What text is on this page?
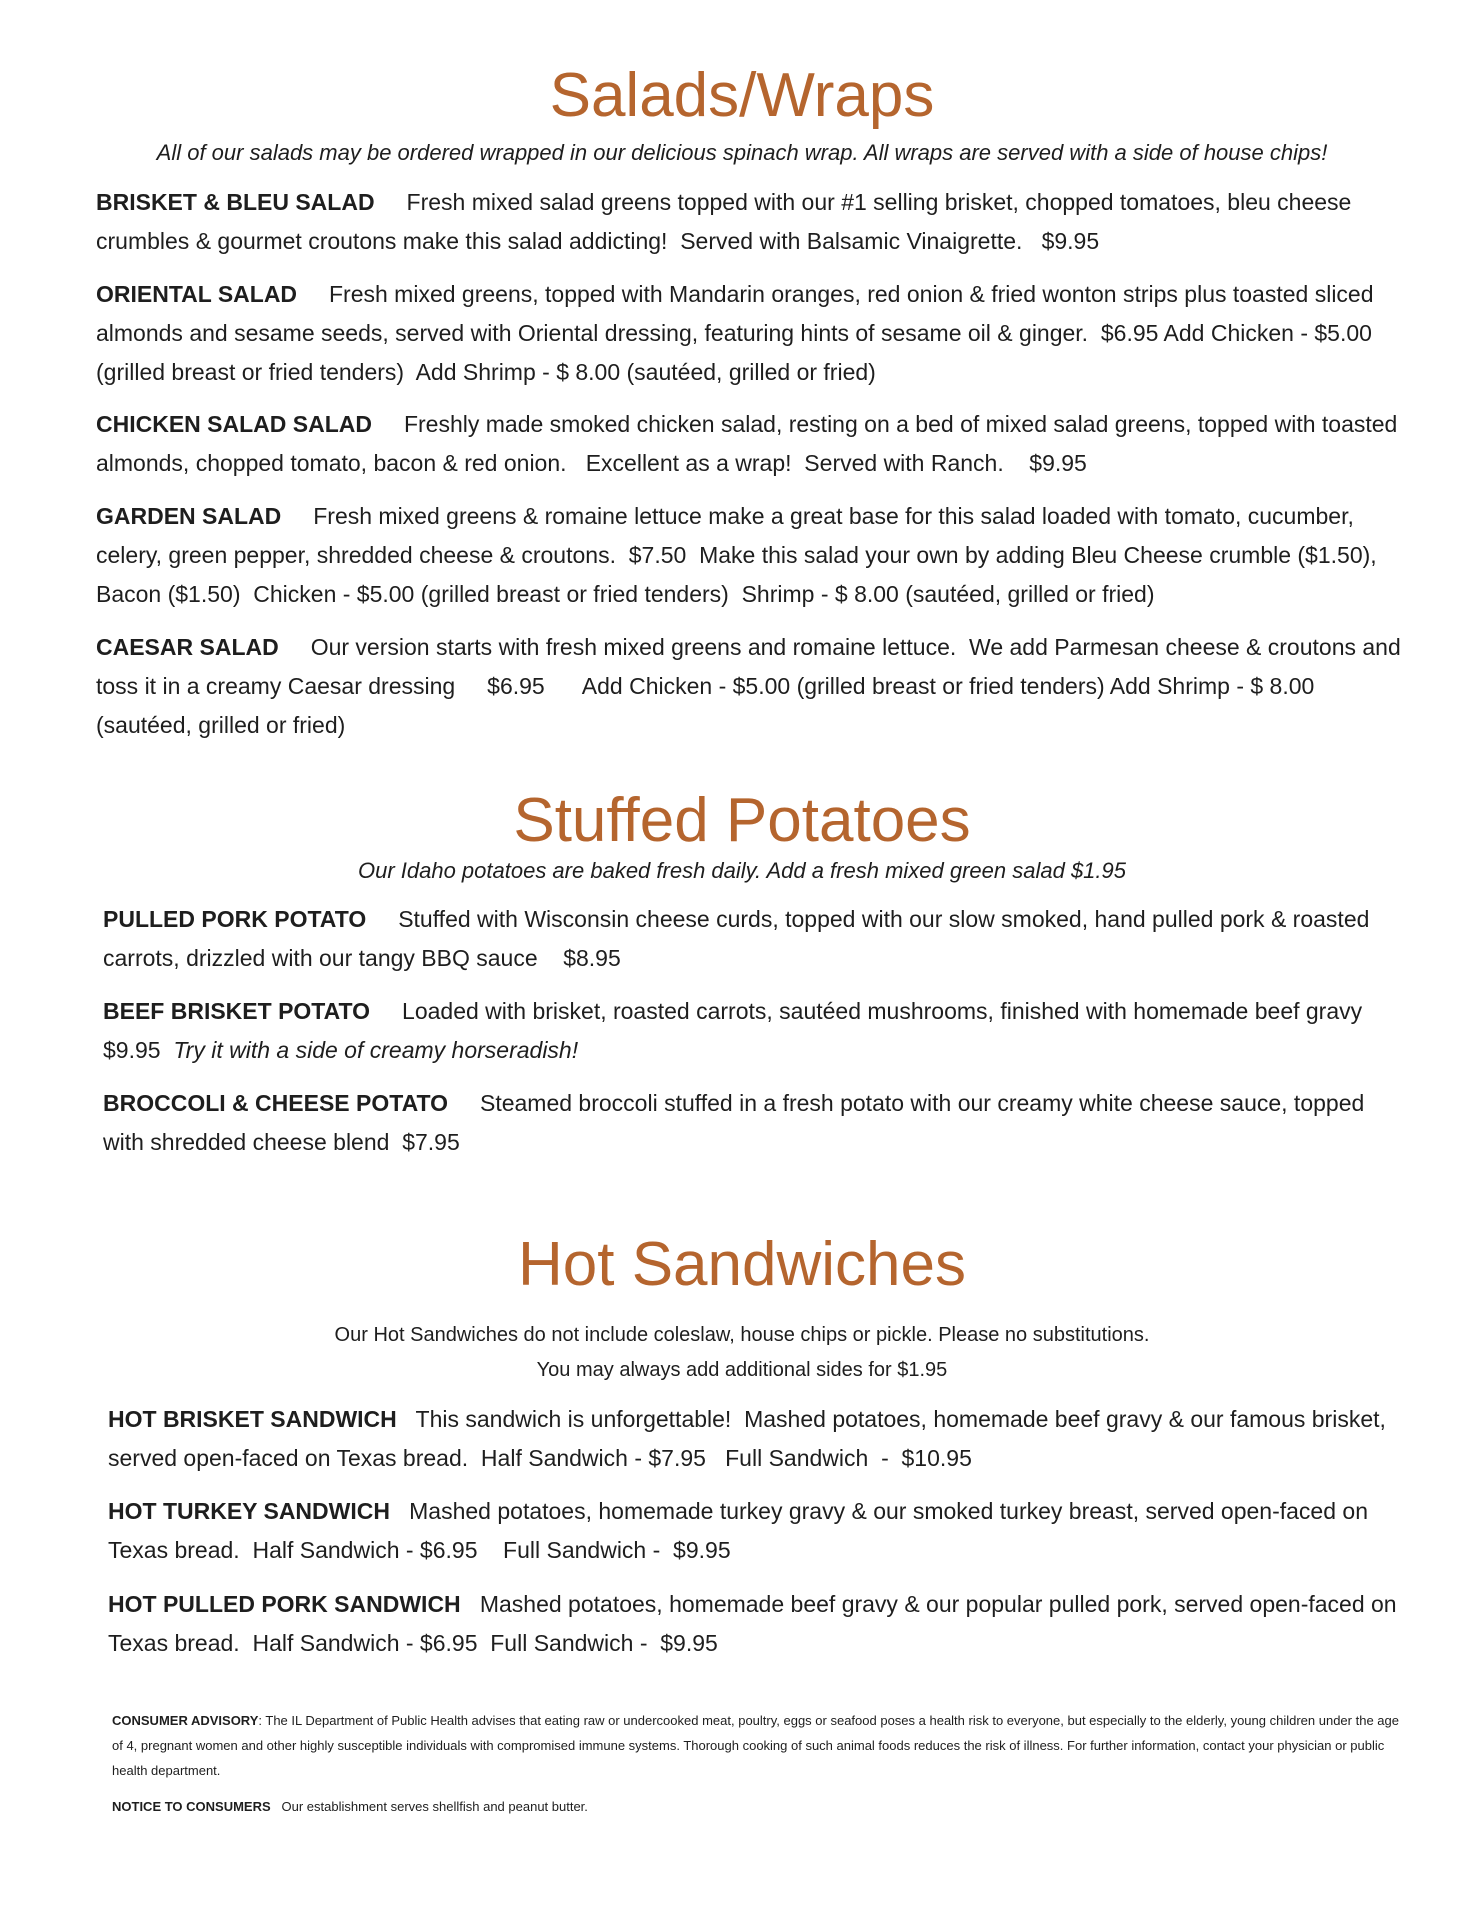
Salads/Wraps

All of our salads may be ordered wrapped in our delicious spinach wrap. All wraps are served with a side of house chips!

BRISKET & BLEU SALAD Fresh mixed salad greens topped with our #1 selling brisket, chopped tomatoes, bleu cheese crumbles & gourmet croutons make this salad addicting!  Served with Balsamic Vinaigrette.   $9.95

ORIENTAL SALAD Fresh mixed greens, topped with Mandarin oranges, red onion & fried wonton strips plus toasted sliced almonds and sesame seeds, served with Oriental dressing, featuring hints of sesame oil & ginger.  $6.95 Add Chicken - $5.00 (grilled breast or fried tenders)  Add Shrimp - $ 8.00 (sautéed, grilled or fried)

CHICKEN SALAD SALAD Freshly made smoked chicken salad, resting on a bed of mixed salad greens, topped with toasted almonds, chopped tomato, bacon & red onion.   Excellent as a wrap!  Served with Ranch.    $9.95

GARDEN SALAD Fresh mixed greens & romaine lettuce make a great base for this salad loaded with tomato, cucumber, celery, green pepper, shredded cheese & croutons.  $7.50  Make this salad your own by adding Bleu Cheese crumble ($1.50), Bacon ($1.50)  Chicken - $5.00 (grilled breast or fried tenders)  Shrimp - $ 8.00 (sautéed, grilled or fried)

CAESAR SALAD Our version starts with fresh mixed greens and romaine lettuce.  We add Parmesan cheese & croutons and toss it in a creamy Caesar dressing     $6.95      Add Chicken - $5.00 (grilled breast or fried tenders) Add Shrimp - $ 8.00 (sautéed, grilled or fried)

Stuffed Potatoes

Our Idaho potatoes are baked fresh daily. Add a fresh mixed green salad $1.95

PULLED PORK POTATO Stuffed with Wisconsin cheese curds, topped with our slow smoked, hand pulled pork & roasted carrots, drizzled with our tangy BBQ sauce    $8.95

BEEF BRISKET POTATO Loaded with brisket, roasted carrots, sautéed mushrooms, finished with homemade beef gravy   $9.95 Try it with a side of creamy horseradish!

BROCCOLI & CHEESE POTATO Steamed broccoli stuffed in a fresh potato with our creamy white cheese sauce, topped with shredded cheese blend  $7.95

Hot Sandwiches

Our Hot Sandwiches do not include coleslaw, house chips or pickle. Please no substitutions.

You may always add additional sides for $1.95

HOT BRISKET SANDWICH This sandwich is unforgettable!  Mashed potatoes, homemade beef gravy & our famous brisket, served open-faced on Texas bread.  Half Sandwich - $7.95   Full Sandwich  -  $10.95

HOT TURKEY SANDWICH Mashed potatoes, homemade turkey gravy & our smoked turkey breast, served open-faced on Texas bread.  Half Sandwich - $6.95    Full Sandwich -  $9.95

HOT PULLED PORK SANDWICH Mashed potatoes, homemade beef gravy & our popular pulled pork, served open-faced on Texas bread.  Half Sandwich - $6.95  Full Sandwich -  $9.95

CONSUMER ADVISORY: The IL Department of Public Health advises that eating raw or undercooked meat, poultry, eggs or seafood poses a health risk to everyone, but especially to the elderly, young children under the age of 4, pregnant women and other highly susceptible individuals with compromised immune systems. Thorough cooking of such animal foods reduces the risk of illness. For further information, contact your physician or public health department.

NOTICE TO CONSUMERS Our establishment serves shellfish and peanut butter.
